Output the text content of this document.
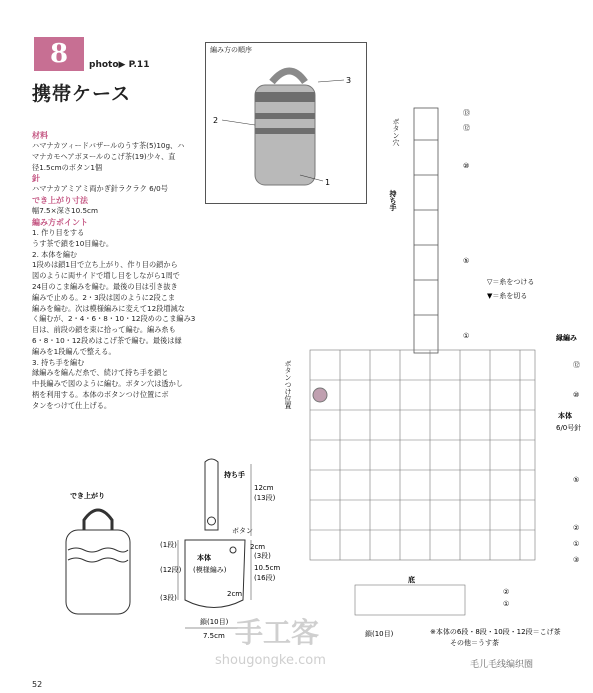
8	photo▶ P.11
携帯ケース
材料
ハマナカツィードバザールのうす茶(5)10g、ハ
マナカモヘアボヌールのこげ茶(19)少々、直
径1.5cmのボタン1個
針
ハマナカアミアミ両かぎ針ラクラク 6/0号
でき上がり寸法
幅7.5×深さ10.5cm
編み方ポイント
1. 作り目をする
うす茶で鎖を10目編む。
2. 本体を編む
1段めは鎖1目で立ち上がり、作り目の鎖から
図のように両サイドで増し目をしながら1周で
24目のこま編みを編む。最後の目は引き抜き
編みで止める。2・3段は図のように2段こま
編みを編む。次は模様編みに変えて12段増減な
く編むが、2・4・6・8・10・12段めのこま編み3
目は、前段の鎖を束に拾って編む。編み糸も
6・8・10・12段めはこげ茶で編む。最後は縁
編みを1段編んで整える。
3. 持ち手を編む
縁編みを編んだ糸で、続けて持ち手を鎖と
中長編みで図のように編む。ボタン穴は透かし
柄を利用する。本体のボタンつけ位置にボ
タンをつけて仕上げる。
52
編み方の順序
3
2
1
でき上がり
持ち手
本体
(模様編み)
ボタン
12cm
(13段)
2cm
(3段)
10.5cm
(16段)
(1段)
(12段)
(3段)	2cm
鎖(10目)
7.5cm
ボタン穴
持ち手
縁編み
本体
6/0号針
底
ボタンつけ位置
▽＝糸をつける
▼＝糸を切る
⑬
⑫
⑩
⑤
①
⑫
⑩
⑤
②
①
③
②
①
鎖(10目)	※本体の6段・8段・10段・12段＝こげ茶
その他＝うす茶
手工客
shougongke.com	毛儿毛线编织圈
